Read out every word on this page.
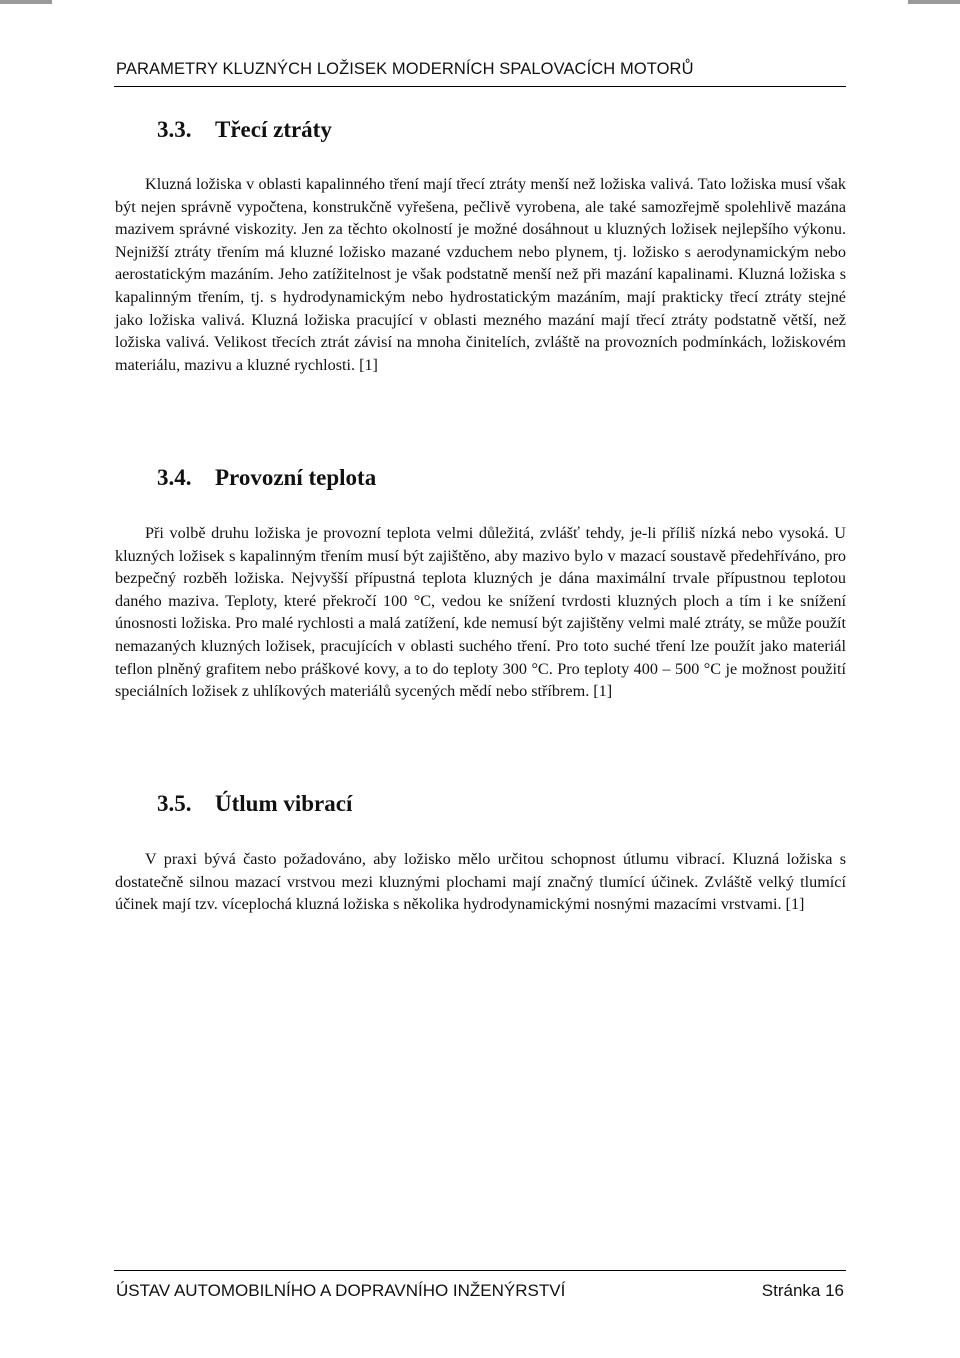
PARAMETRY KLUZNÝCH LOŽISEK MODERNÍCH SPALOVACÍCH MOTORŮ
3.3. Třecí ztráty

Kluzná ložiska v oblasti kapalinného tření mají třecí ztráty menší než ložiska valivá. Tato ložiska musí však být nejen správně vypočtena, konstrukčně vyřešena, pečlivě vyrobena, ale také samozřejmě spolehlivě mazána mazivem správné viskozity. Jen za těchto okolností je možné dosáhnout u kluzných ložisek nejlepšího výkonu. Nejnižší ztráty třením má kluzné ložisko mazané vzduchem nebo plynem, tj. ložisko s aerodynamickým nebo aerostatickým mazáním. Jeho zatížitelnost je však podstatně menší než při mazání kapalinami. Kluzná ložiska s kapalinným třením, tj. s hydrodynamickým nebo hydrostatickým mazáním, mají prakticky třecí ztráty stejné jako ložiska valivá. Kluzná ložiska pracující v oblasti mezného mazání mají třecí ztráty podstatně větší, než ložiska valivá. Velikost třecích ztrát závisí na mnoha činitelích, zvláště na provozních podmínkách, ložiskovém materiálu, mazivu a kluzné rychlosti. [1]

3.4. Provozní teplota

Při volbě druhu ložiska je provozní teplota velmi důležitá, zvlášť tehdy, je-li příliš nízká nebo vysoká. U kluzných ložisek s kapalinným třením musí být zajištěno, aby mazivo bylo v mazací soustavě předehříváno, pro bezpečný rozběh ložiska. Nejvyšší přípustná teplota kluzných je dána maximální trvale přípustnou teplotou daného maziva. Teploty, které překročí 100 °C, vedou ke snížení tvrdosti kluzných ploch a tím i ke snížení únosnosti ložiska. Pro malé rychlosti a malá zatížení, kde nemusí být zajištěny velmi malé ztráty, se může použít nemazaných kluzných ložisek, pracujících v oblasti suchého tření. Pro toto suché tření lze použít jako materiál teflon plněný grafitem nebo práškové kovy, a to do teploty 300 °C. Pro teploty 400 – 500 °C je možnost použití speciálních ložisek z uhlíkových materiálů sycených mědí nebo stříbrem. [1]

3.5. Útlum vibrací

V praxi bývá často požadováno, aby ložisko mělo určitou schopnost útlumu vibrací. Kluzná ložiska s dostatečně silnou mazací vrstvou mezi kluznými plochami mají značný tlumící účinek. Zvláště velký tlumící účinek mají tzv. víceplochá kluzná ložiska s několika hydrodynamickými nosnými mazacími vrstvami. [1]

ÚSTAV AUTOMOBILNÍHO A DOPRAVNÍHO INŽENÝRSTVÍ	Stránka 16
